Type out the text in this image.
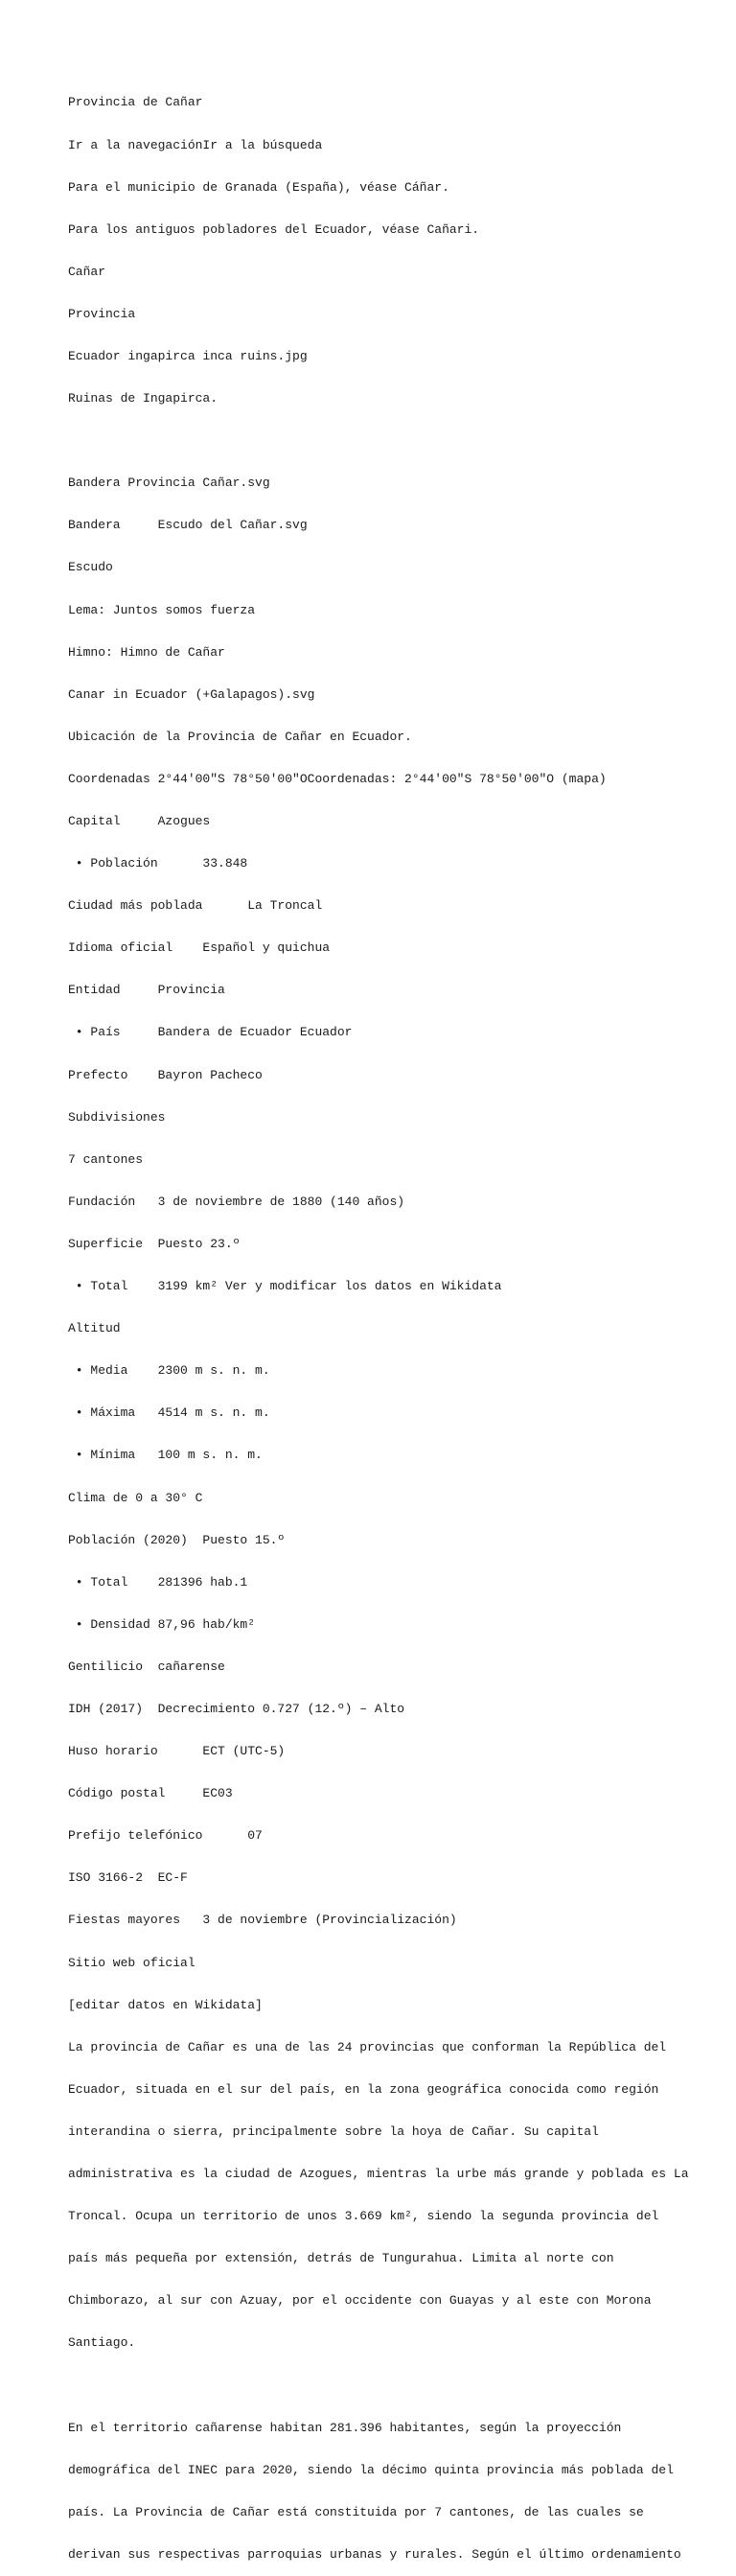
Provincia de Cañar

Ir a la navegaciónIr a la búsqueda

Para el municipio de Granada (España), véase Cáñar.

Para los antiguos pobladores del Ecuador, véase Cañari.

Cañar

Provincia

Ecuador ingapirca inca ruins.jpg

Ruinas de Ingapirca.

Bandera Provincia Cañar.svg

Bandera     Escudo del Cañar.svg

Escudo

Lema: Juntos somos fuerza

Himno: Himno de Cañar

Canar in Ecuador (+Galapagos).svg

Ubicación de la Provincia de Cañar en Ecuador.

Coordenadas 2°44′00″S 78°50′00″OCoordenadas: 2°44′00″S 78°50′00″O (mapa)

Capital     Azogues

• Población      33.848

Ciudad más poblada      La Troncal

Idioma oficial    Español y quichua

Entidad     Provincia

• País     Bandera de Ecuador Ecuador

Prefecto    Bayron Pacheco

Subdivisiones

7 cantones

Fundación   3 de noviembre de 1880 (140 años)

Superficie  Puesto 23.º

• Total    3199 km² Ver y modificar los datos en Wikidata

Altitud

• Media    2300 m s. n. m.

• Máxima   4514 m s. n. m.

• Mínima   100 m s. n. m.

Clima de 0 a 30° C

Población (2020)  Puesto 15.º

• Total    281396 hab.1

• Densidad 87,96 hab/km²

Gentilicio  cañarense

IDH (2017)  Decrecimiento 0.727 (12.º) – Alto

Huso horario      ECT (UTC-5)

Código postal     EC03

Prefijo telefónico      07

ISO 3166-2  EC-F

Fiestas mayores   3 de noviembre (Provincialización)

Sitio web oficial

[editar datos en Wikidata]

La provincia de Cañar es una de las 24 provincias que conforman la República del

Ecuador, situada en el sur del país, en la zona geográfica conocida como región

interandina o sierra, principalmente sobre la hoya de Cañar. Su capital

administrativa es la ciudad de Azogues, mientras la urbe más grande y poblada es La

Troncal. Ocupa un territorio de unos 3.669 km², siendo la segunda provincia del

país más pequeña por extensión, detrás de Tungurahua. Limita al norte con

Chimborazo, al sur con Azuay, por el occidente con Guayas y al este con Morona

Santiago.

En el territorio cañarense habitan 281.396 habitantes, según la proyección

demográfica del INEC para 2020, siendo la décimo quinta provincia más poblada del

país. La Provincia de Cañar está constituida por 7 cantones, de las cuales se

derivan sus respectivas parroquias urbanas y rurales. Según el último ordenamiento
